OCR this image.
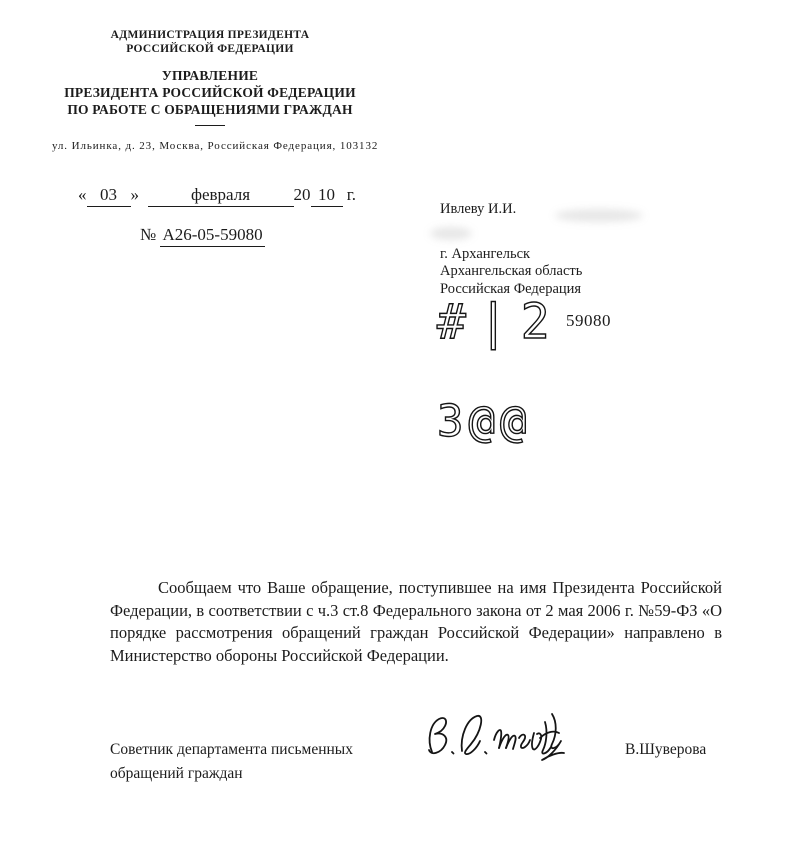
АДМИНИСТРАЦИЯ ПРЕЗИДЕНТА
РОССИЙСКОЙ ФЕДЕРАЦИИ
УПРАВЛЕНИЕ
ПРЕЗИДЕНТА РОССИЙСКОЙ ФЕДЕРАЦИИ
ПО РАБОТЕ С ОБРАЩЕНИЯМИ ГРАЖДАН
ул. Ильинка, д. 23, Москва, Российская Федерация, 103132
« 03 »	февраля	20 10 г.
№ А26-05-59080
Ивлеву И.И.
г. Архангельск
Архангельская область
Российская Федерация
#|2 59080
3@@
Сообщаем что Ваше обращение, поступившее на имя Президента Российской Федерации, в соответствии с ч.3 ст.8 Федерального закона от 2 мая 2006 г. №59-ФЗ «О порядке рассмотрения обращений граждан Российской Федерации» направлено в Министерство обороны Российской Федерации.
Советник департамента письменных обращений граждан
В.Шуверова
